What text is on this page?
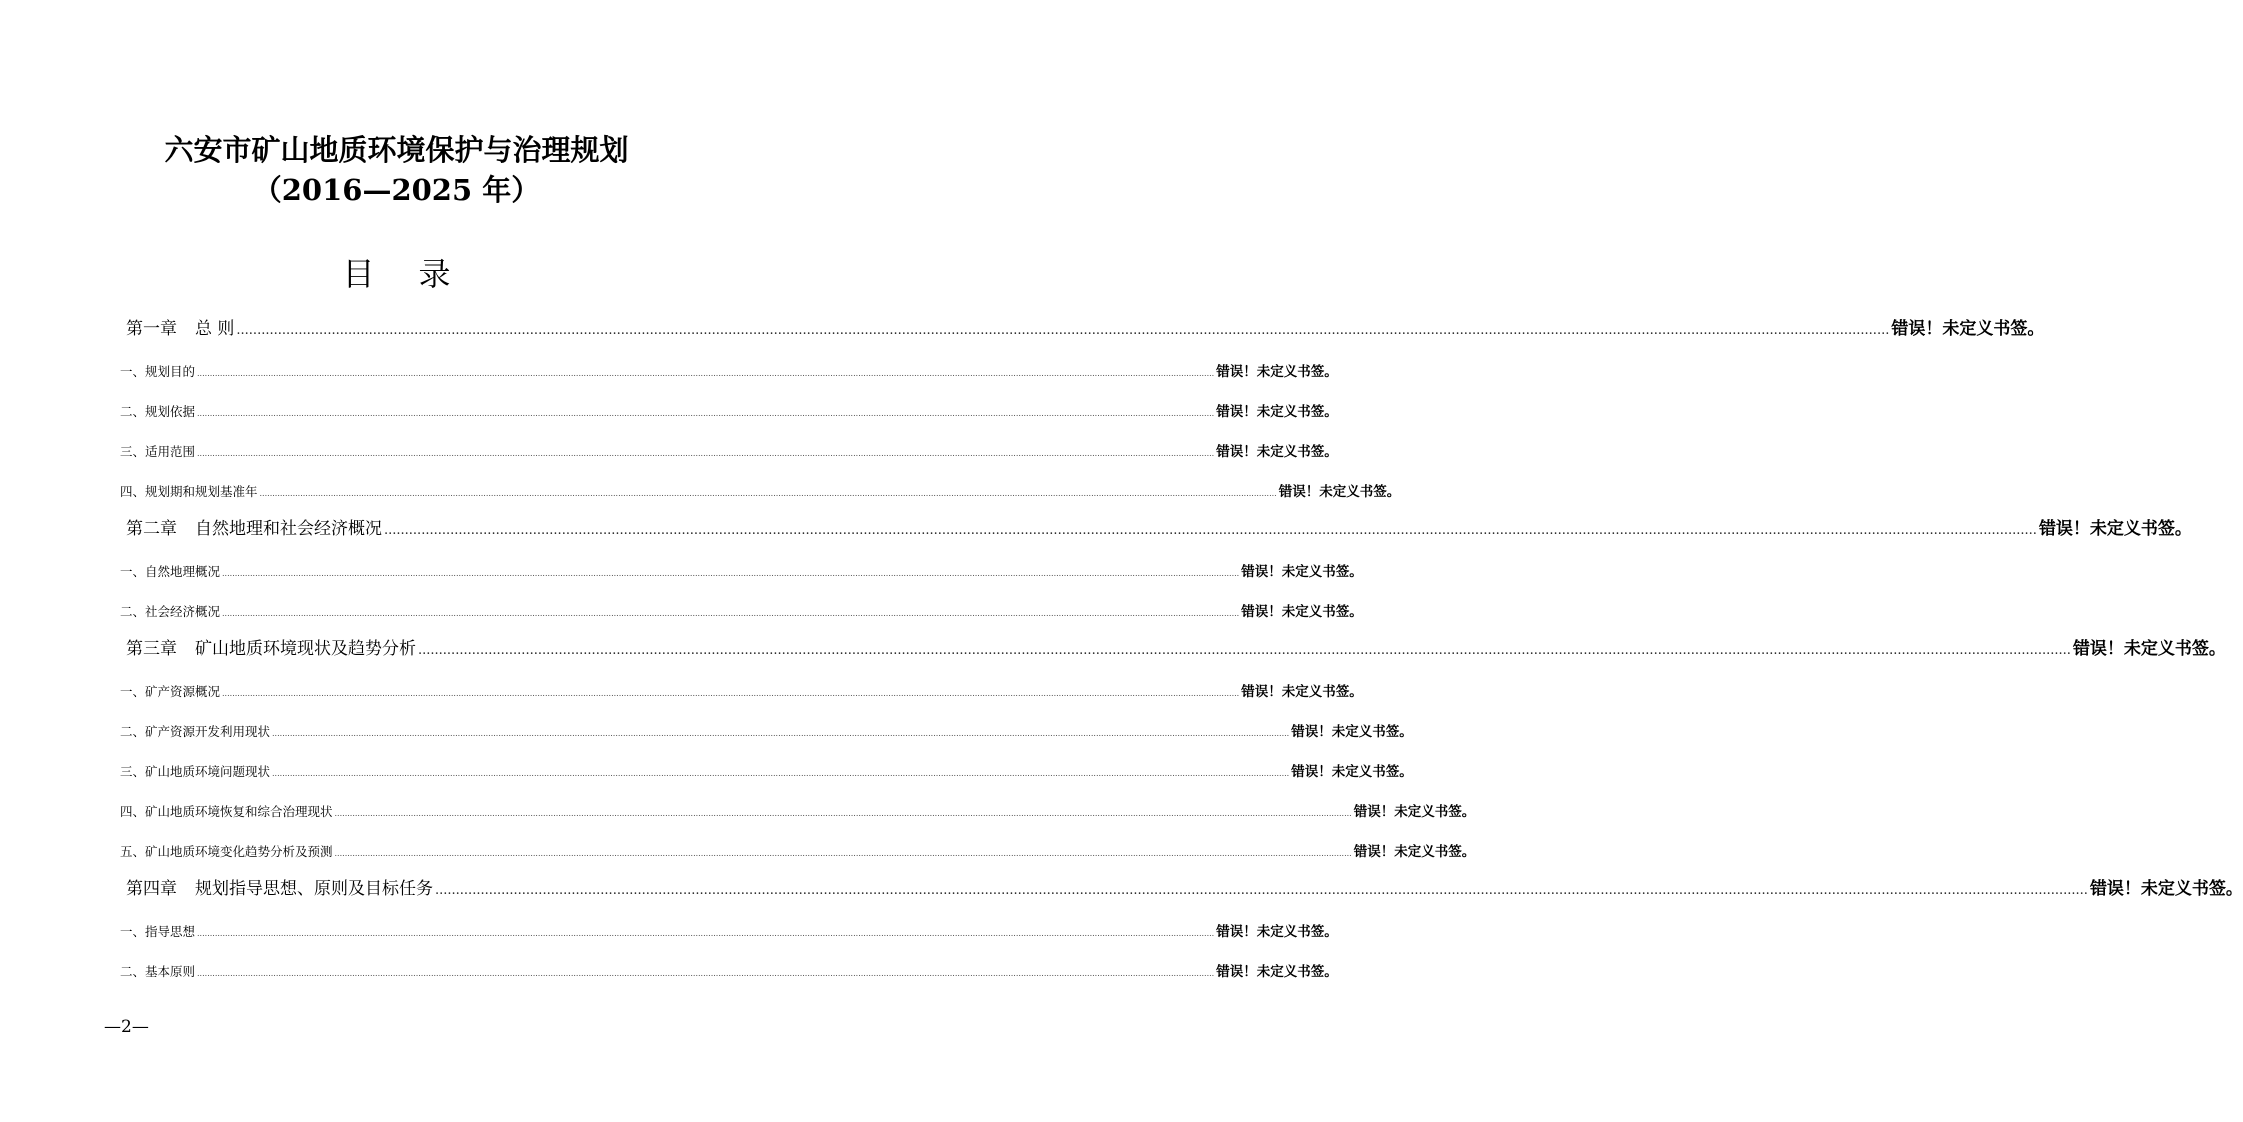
六安市矿山地质环境保护与治理规划
（2016—2025 年）
目 录
第一章 总 则 ................................................................................................................................................................................................................................................................................................................................................................................................................ 错误！未定义书签。
一、规划目的 ................................................................................................................................................................................................................................................................................................................................................................................................................ 错误！未定义书签。
二、规划依据 ................................................................................................................................................................................................................................................................................................................................................................................................................ 错误！未定义书签。
三、适用范围 ................................................................................................................................................................................................................................................................................................................................................................................................................ 错误！未定义书签。
四、规划期和规划基准年 ................................................................................................................................................................................................................................................................................................................................................................................................................ 错误！未定义书签。
第二章 自然地理和社会经济概况 ................................................................................................................................................................................................................................................................................................................................................................................................................ 错误！未定义书签。
一、自然地理概况 ................................................................................................................................................................................................................................................................................................................................................................................................................ 错误！未定义书签。
二、社会经济概况 ................................................................................................................................................................................................................................................................................................................................................................................................................ 错误！未定义书签。
第三章 矿山地质环境现状及趋势分析 ................................................................................................................................................................................................................................................................................................................................................................................................................ 错误！未定义书签。
一、矿产资源概况 ................................................................................................................................................................................................................................................................................................................................................................................................................ 错误！未定义书签。
二、矿产资源开发利用现状 ................................................................................................................................................................................................................................................................................................................................................................................................................ 错误！未定义书签。
三、矿山地质环境问题现状 ................................................................................................................................................................................................................................................................................................................................................................................................................ 错误！未定义书签。
四、矿山地质环境恢复和综合治理现状 ................................................................................................................................................................................................................................................................................................................................................................................................................ 错误！未定义书签。
五、矿山地质环境变化趋势分析及预测 ................................................................................................................................................................................................................................................................................................................................................................................................................ 错误！未定义书签。
第四章 规划指导思想、原则及目标任务 ................................................................................................................................................................................................................................................................................................................................................................................................................ 错误！未定义书签。
一、指导思想 ................................................................................................................................................................................................................................................................................................................................................................................................................ 错误！未定义书签。
二、基本原则 ................................................................................................................................................................................................................................................................................................................................................................................................................ 错误！未定义书签。
—2—
